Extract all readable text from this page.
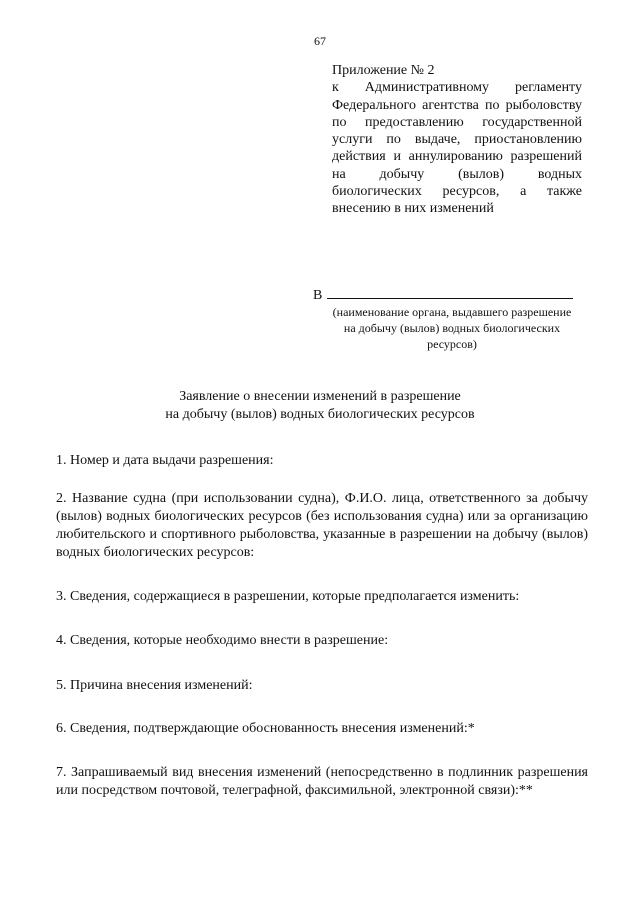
67
Приложение № 2
к Административному регламенту Федерального агентства по рыболовству по предоставлению государственной услуги по выдаче, приостановлению действия и аннулированию разрешений на добычу (вылов) водных биологических ресурсов, а также
внесению в них изменений
В
(наименование органа, выдавшего разрешение
на добычу (вылов) водных биологических
ресурсов)
Заявление о внесении изменений в разрешение
на добычу (вылов) водных биологических ресурсов
1. Номер и дата выдачи разрешения:
2. Название судна (при использовании судна), Ф.И.О. лица, ответственного за добычу (вылов) водных биологических ресурсов (без использования судна) или за организацию любительского и спортивного рыболовства, указанные в разрешении на добычу (вылов) водных биологических ресурсов:
3. Сведения, содержащиеся в разрешении, которые предполагается изменить:
4. Сведения, которые необходимо внести в разрешение:
5. Причина внесения изменений:
6. Сведения, подтверждающие обоснованность внесения изменений:*
7. Запрашиваемый вид внесения изменений (непосредственно в подлинник разрешения или посредством почтовой, телеграфной, факсимильной, электронной связи):**
